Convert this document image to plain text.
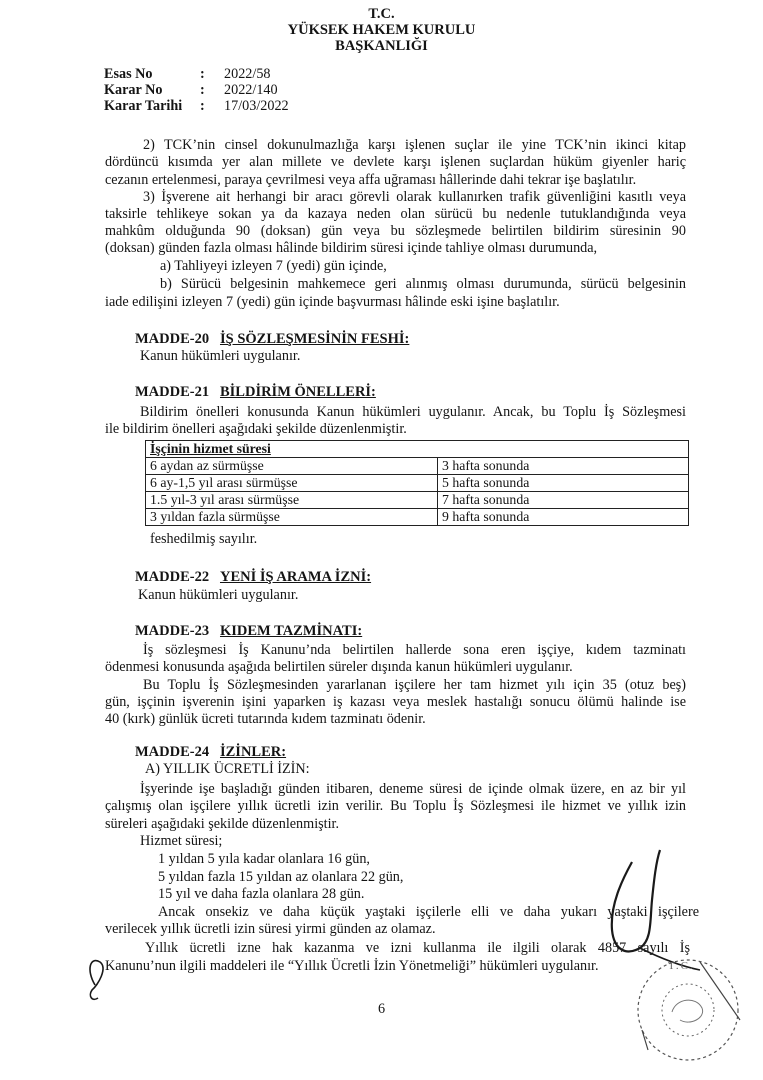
T.C.
YÜKSEK HAKEM KURULU
BAŞKANLIĞI
Esas No	: 2022/58
Karar No	: 2022/140
Karar Tarihi : 17/03/2022
2) TCK’nin cinsel dokunulmazlığa karşı işlenen suçlar ile yine TCK’nin ikinci kitap
dördüncü kısımda yer alan millete ve devlete karşı işlenen suçlardan hüküm giyenler hariç
cezanın ertelenmesi, paraya çevrilmesi veya affa uğraması hâllerinde dahi tekrar işe başlatılır.
3) İşverene ait herhangi bir aracı görevli olarak kullanırken trafik güvenliğini kasıtlı veya
taksirle tehlikeye sokan ya da kazaya neden olan sürücü bu nedenle tutuklandığında veya
mahkûm olduğunda 90 (doksan) gün veya bu sözleşmede belirtilen bildirim süresinin 90
(doksan) günden fazla olması hâlinde bildirim süresi içinde tahliye olması durumunda,
a) Tahliyeyi izleyen 7 (yedi) gün içinde,
b) Sürücü belgesinin mahkemece geri alınmış olması durumunda, sürücü belgesinin
iade edilişini izleyen 7 (yedi) gün içinde başvurması hâlinde eski işine başlatılır.
MADDE-20 İŞ SÖZLEŞMESİNİN FESHİ:
Kanun hükümleri uygulanır.
MADDE-21 BİLDİRİM ÖNELLERİ:
Bildirim önelleri konusunda Kanun hükümleri uygulanır. Ancak, bu Toplu İş Sözleşmesi
ile bildirim önelleri aşağıdaki şekilde düzenlenmiştir.
İşçinin hizmet süresi	
6 aydan az sürmüşse	3 hafta sonunda
6 ay-1,5 yıl arası sürmüşse	5 hafta sonunda
1.5 yıl-3 yıl arası sürmüşse	7 hafta sonunda
3 yıldan fazla sürmüşse	9 hafta sonunda
feshedilmiş sayılır.
MADDE-22 YENİ İŞ ARAMA İZNİ:
Kanun hükümleri uygulanır.
MADDE-23 KIDEM TAZMİNATI:
İş sözleşmesi İş Kanunu’nda belirtilen hallerde sona eren işçiye, kıdem tazminatı
ödenmesi konusunda aşağıda belirtilen süreler dışında kanun hükümleri uygulanır.
Bu Toplu İş Sözleşmesinden yararlanan işçilere her tam hizmet yılı için 35 (otuz beş)
gün, işçinin işverenin işini yaparken iş kazası veya meslek hastalığı sonucu ölümü halinde ise
40 (kırk) günlük ücreti tutarında kıdem tazminatı ödenir.
MADDE-24 İZİNLER:
A) YILLIK ÜCRETLİ İZİN:
İşyerinde işe başladığı günden itibaren, deneme süresi de içinde olmak üzere, en az bir yıl
çalışmış olan işçilere yıllık ücretli izin verilir. Bu Toplu İş Sözleşmesi ile hizmet ve yıllık izin
süreleri aşağıdaki şekilde düzenlenmiştir.
Hizmet süresi;
1 yıldan 5 yıla kadar olanlara 16 gün,
5 yıldan fazla 15 yıldan az olanlara 22 gün,
15 yıl ve daha fazla olanlara 28 gün.
Ancak onsekiz ve daha küçük yaştaki işçilerle elli ve daha yukarı yaştaki işçilere
verilecek yıllık ücretli izin süresi yirmi günden az olamaz.
Yıllık ücretli izne hak kazanma ve izni kullanma ile ilgili olarak 4857 sayılı İş
Kanunu’nun ilgili maddeleri ile “Yıllık Ücretli İzin Yönetmeliği” hükümleri uygulanır.
6
T.C.
